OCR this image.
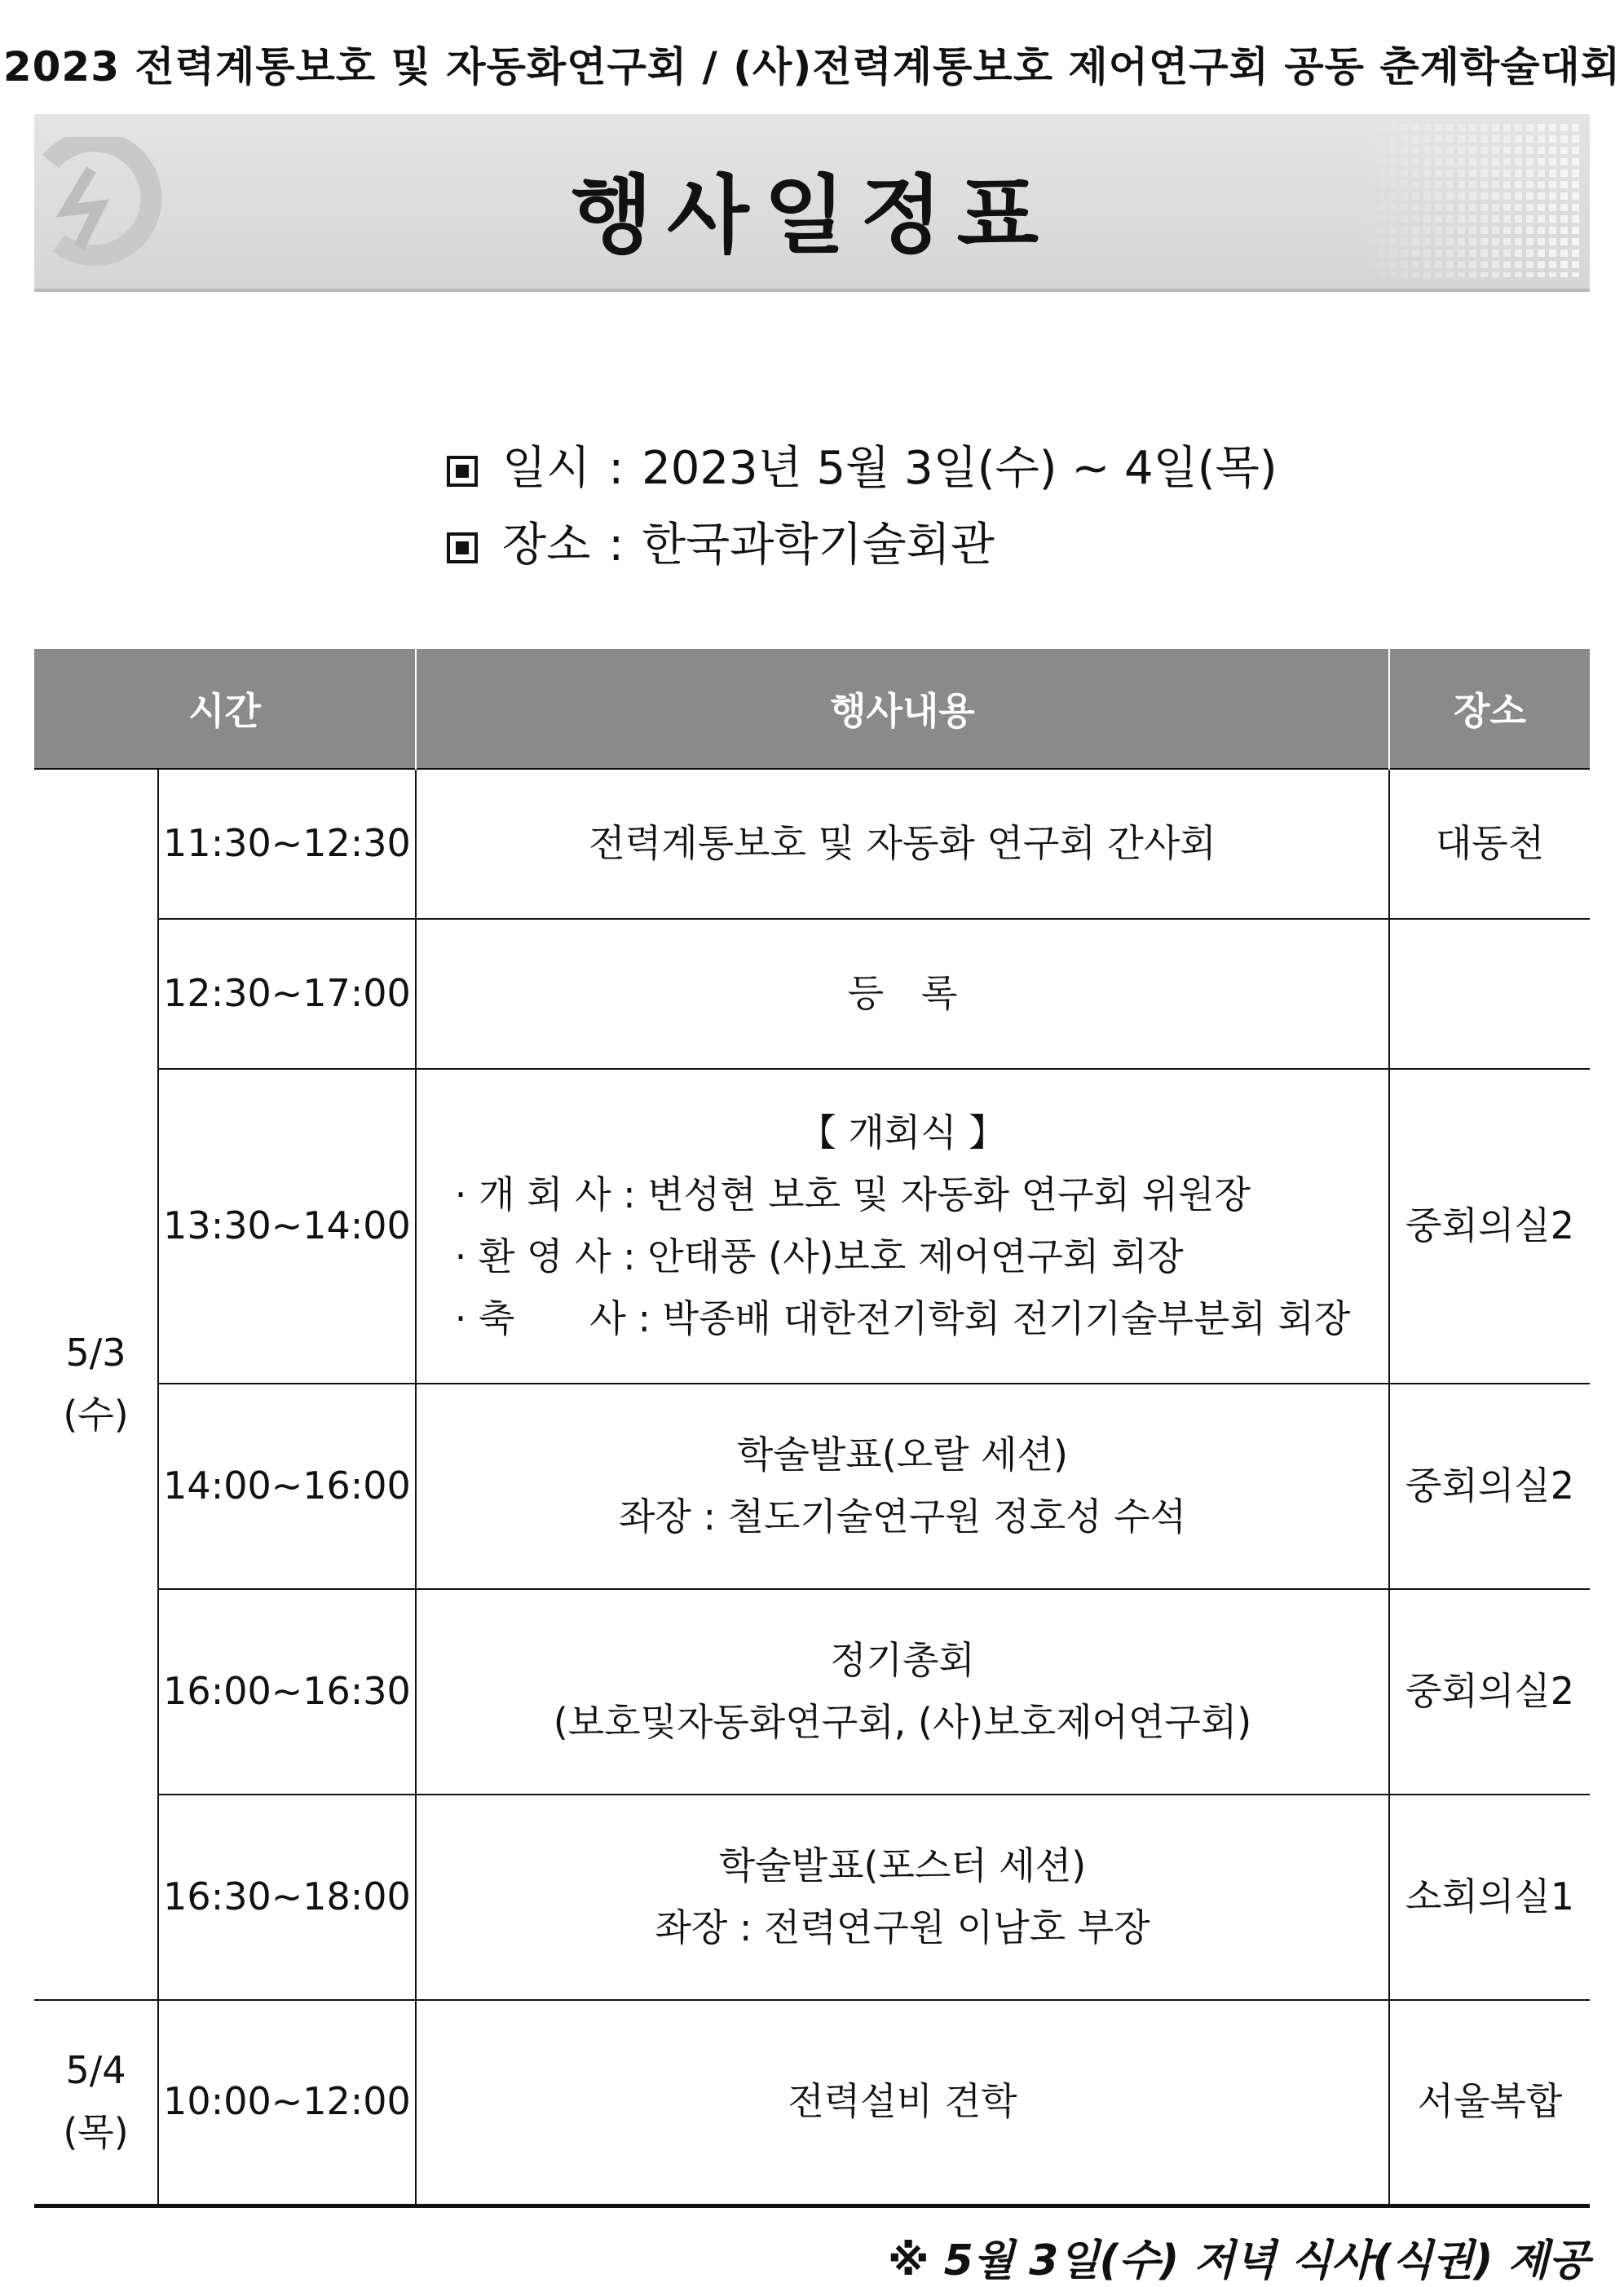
2023 전력계통보호 및 자동화연구회 / (사)전력계통보호 제어연구회 공동 춘계학술대회
행사일정표
일시 : 2023년 5월 3일(수) ~ 4일(목)
장소 : 한국과학기술회관
시간		행사내용	장소

5/3
(수)	11:30~12:30	전력계통보호 및 자동화 연구회 간사회	대동천
	12:30~17:00	등　록	
	13:30~14:00	【 개회식 】
· 개 회 사 : 변성현 보호 및 자동화 연구회 위원장
· 환 영 사 : 안태풍 (사)보호 제어연구회 회장
· 축　　사 : 박종배 대한전기학회 전기기술부분회 회장	중회의실2
	14:00~16:00	학술발표(오랄 세션)
좌장 : 철도기술연구원 정호성 수석	중회의실2
	16:00~16:30	정기총회
(보호및자동화연구회, (사)보호제어연구회)	중회의실2
	16:30~18:00	학술발표(포스터 세션)
좌장 : 전력연구원 이남호 부장	소회의실1

5/4
(목)	10:00~12:00	전력설비 견학	서울복합
※ 5월 3일(수) 저녁 식사(식권) 제공
